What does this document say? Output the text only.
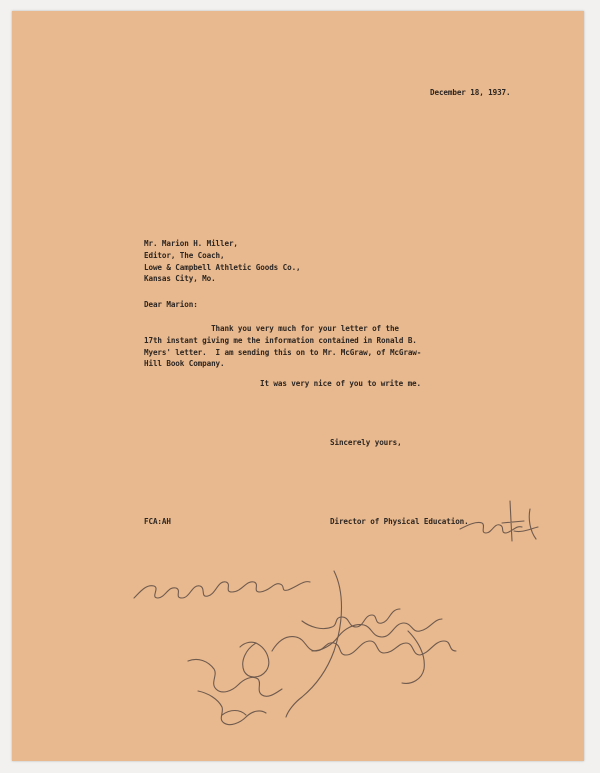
December 18, 1937.
Mr. Marion H. Miller,
Editor, The Coach,
Lowe & Campbell Athletic Goods Co.,
Kansas City, Mo.
Dear Marion:
Thank you very much for your letter of the
17th instant giving me the information contained in Ronald B.
Myers' letter.  I am sending this on to Mr. McGraw, of McGraw-
Hill Book Company.
It was very nice of you to write me.
Sincerely yours,
FCA:AH	Director of Physical Education.
